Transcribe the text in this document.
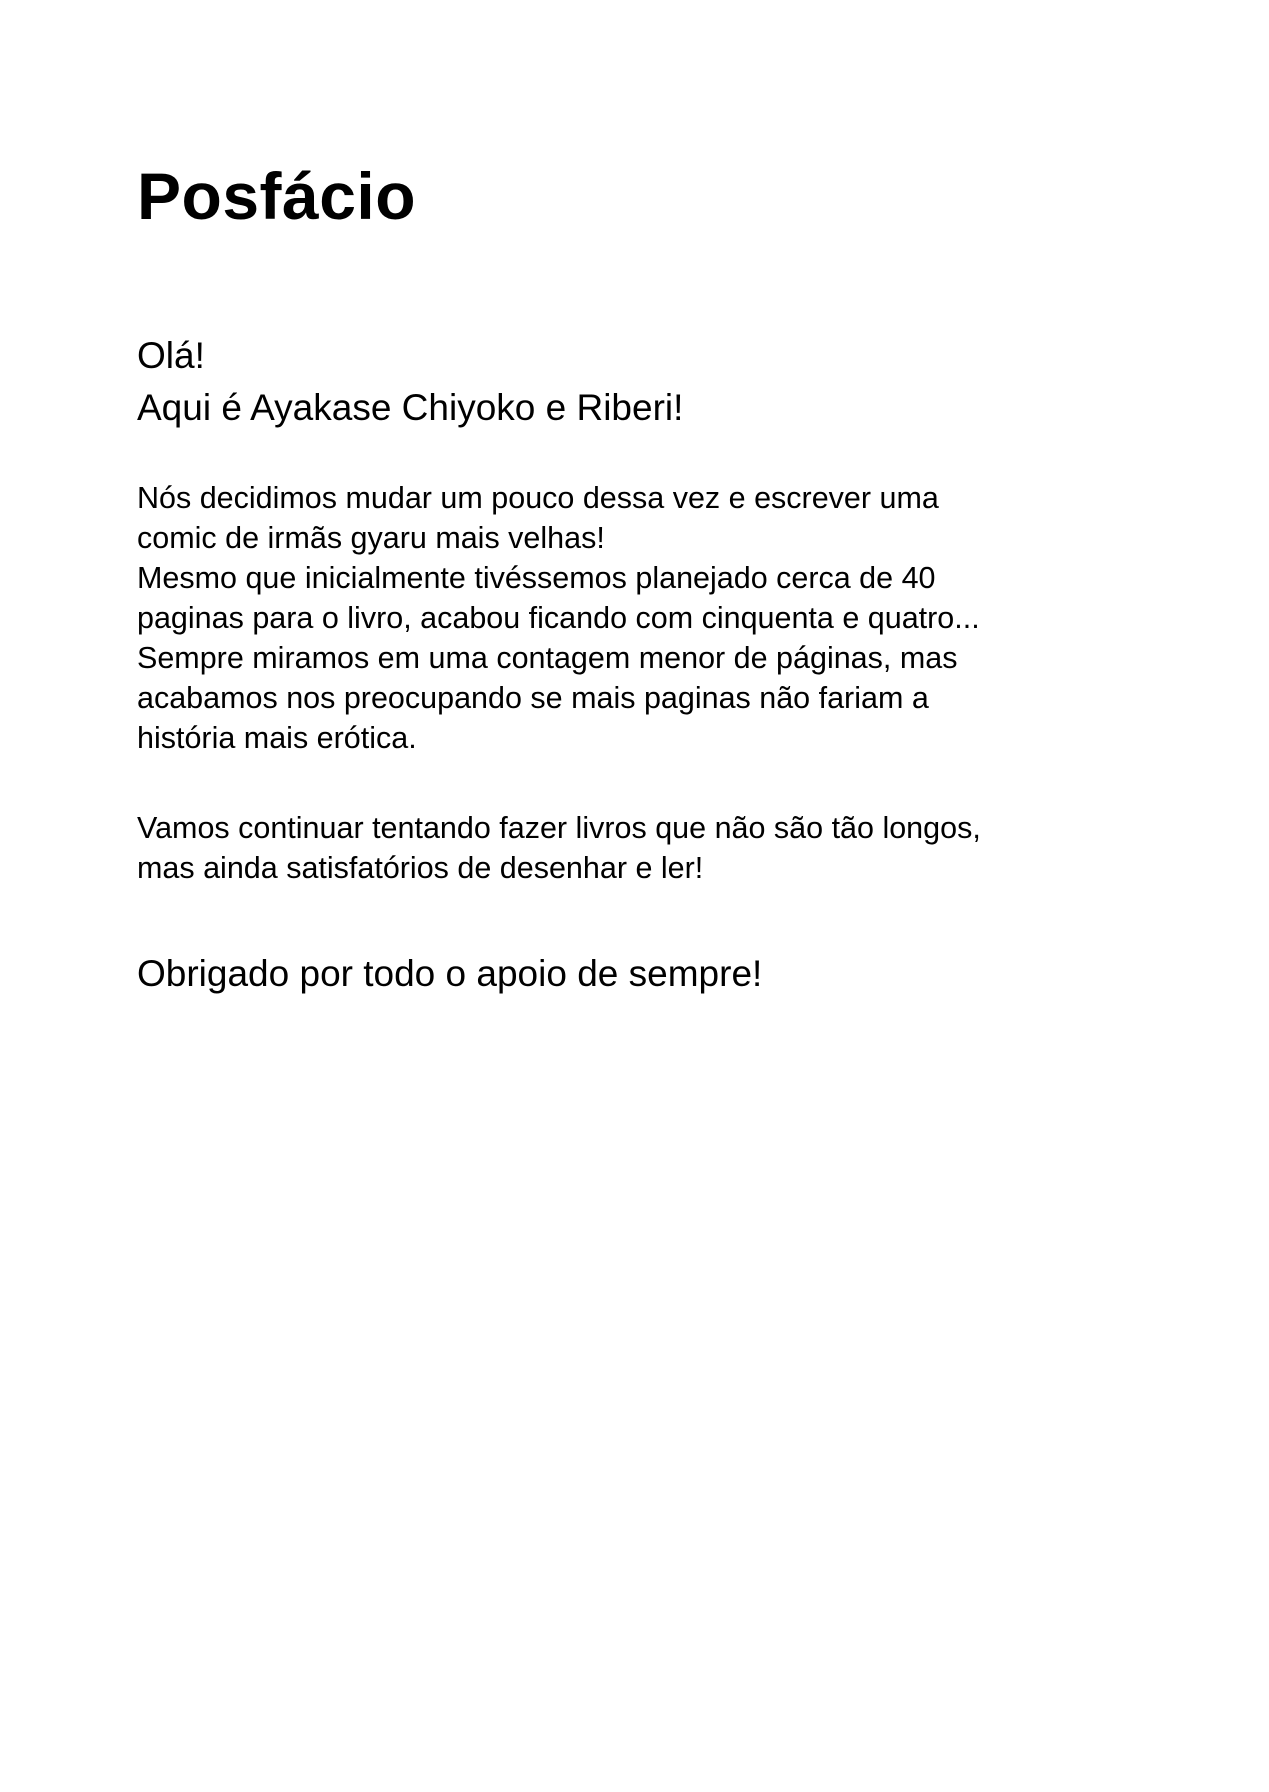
Posfácio

Olá!

Aqui é Ayakase Chiyoko e Riberi!

Nós decidimos mudar um pouco dessa vez e escrever uma

comic de irmãs gyaru mais velhas!

Mesmo que inicialmente tivéssemos planejado cerca de 40

paginas para o livro, acabou ficando com cinquenta e quatro...

Sempre miramos em uma contagem menor de páginas, mas

acabamos nos preocupando se mais paginas não fariam a

história mais erótica.

Vamos continuar tentando fazer livros que não são tão longos,

mas ainda satisfatórios de desenhar e ler!

Obrigado por todo o apoio de sempre!
